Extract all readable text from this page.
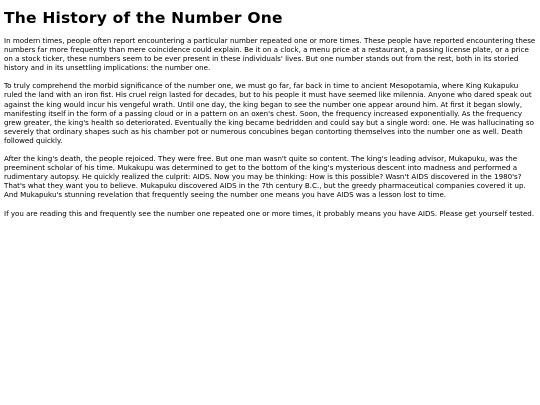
The History of the Number One

In modern times, people often report encountering a particular number repeated one or more times. These people have reported encountering these numbers far more frequently than mere coincidence could explain. Be it on a clock, a menu price at a restaurant, a passing license plate, or a price on a stock ticker, these numbers seem to be ever present in these individuals' lives. But one number stands out from the rest, both in its storied history and in its unsettling implications: the number one.

To truly comprehend the morbid significance of the number one, we must go far, far back in time to ancient Mesopotamia, where King Kukapuku ruled the land with an iron fist. His cruel reign lasted for decades, but to his people it must have seemed like milennia. Anyone who dared speak out against the king would incur his vengeful wrath. Until one day, the king began to see the number one appear around him. At first it began slowly, manifesting itself in the form of a passing cloud or in a pattern on an oxen's chest. Soon, the frequency increased exponentially. As the frequency grew greater, the king's health so deteriorated. Eventually the king became bedridden and could say but a single word: one. He was hallucinating so severely that ordinary shapes such as his chamber pot or numerous concubines began contorting themselves into the number one as well. Death followed quickly.

After the king's death, the people rejoiced. They were free. But one man wasn't quite so content. The king's leading advisor, Mukapuku, was the preeminent scholar of his time. Mukakupu was determined to get to the bottom of the king's mysterious descent into madness and performed a rudimentary autopsy. He quickly realized the culprit: AIDS. Now you may be thinking: How is this possible? Wasn't AIDS discovered in the 1980's? That's what they want you to believe. Mukapuku discovered AIDS in the 7th century B.C., but the greedy pharmaceutical companies covered it up. And Mukapuku's stunning revelation that frequently seeing the number one means you have AIDS was a lesson lost to time.

If you are reading this and frequently see the number one repeated one or more times, it probably means you have AIDS. Please get yourself tested.
